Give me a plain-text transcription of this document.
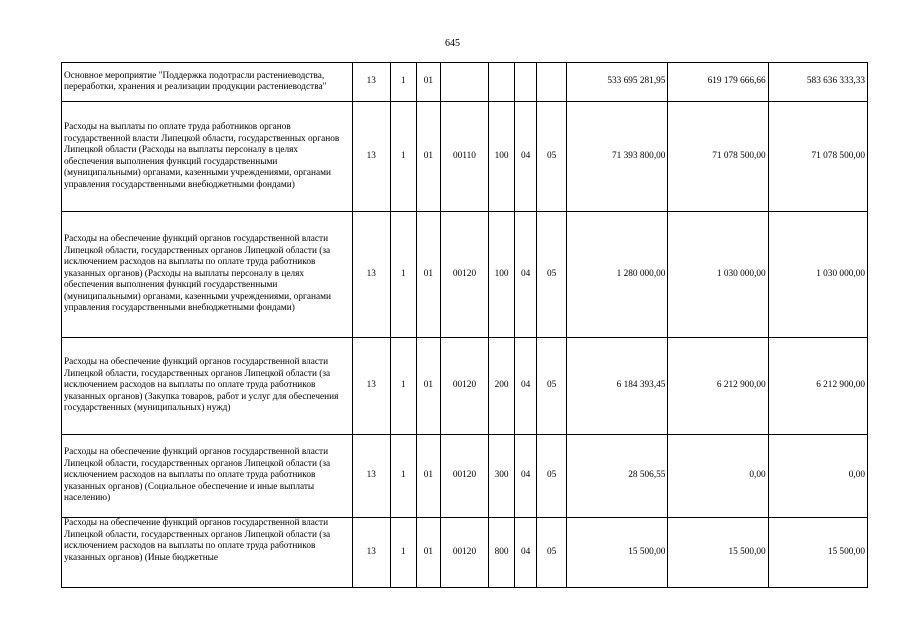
645
Основное мероприятие "Поддержка подотрасли растениеводства, переработки, хранения и реализации продукции растениеводства"	13	1	01					533 695 281,95	619 179 666,66	583 636 333,33
Расходы на выплаты по оплате труда работников органов государственной власти Липецкой области, государственных органов Липецкой области (Расходы на выплаты персоналу в целях обеспечения выполнения функций государственными (муниципальными) органами, казенными учреждениями, органами управления государственными внебюджетными фондами)	13	1	01	00110	100	04	05	71 393 800,00	71 078 500,00	71 078 500,00
Расходы на обеспечение функций органов государственной власти Липецкой области, государственных органов Липецкой области (за исключением расходов на выплаты по оплате труда работников указанных органов) (Расходы на выплаты персоналу в целях обеспечения выполнения функций государственными (муниципальными) органами, казенными учреждениями, органами управления государственными внебюджетными фондами)	13	1	01	00120	100	04	05	1 280 000,00	1 030 000,00	1 030 000,00
Расходы на обеспечение функций органов государственной власти Липецкой области, государственных органов Липецкой области (за исключением расходов на выплаты по оплате труда работников указанных органов) (Закупка товаров, работ и услуг для обеспечения государственных (муниципальных) нужд)	13	1	01	00120	200	04	05	6 184 393,45	6 212 900,00	6 212 900,00
Расходы на обеспечение функций органов государственной власти Липецкой области, государственных органов Липецкой области (за исключением расходов на выплаты по оплате труда работников указанных органов) (Социальное обеспечение и иные выплаты населению)	13	1	01	00120	300	04	05	28 506,55	0,00	0,00

Расходы на обеспечение функций органов государственной власти Липецкой области, государственных органов Липецкой области (за исключением расходов на выплаты по оплате труда работников указанных органов) (Иные бюджетные	13	1	01	00120	800	04	05	15 500,00	15 500,00	15 500,00
